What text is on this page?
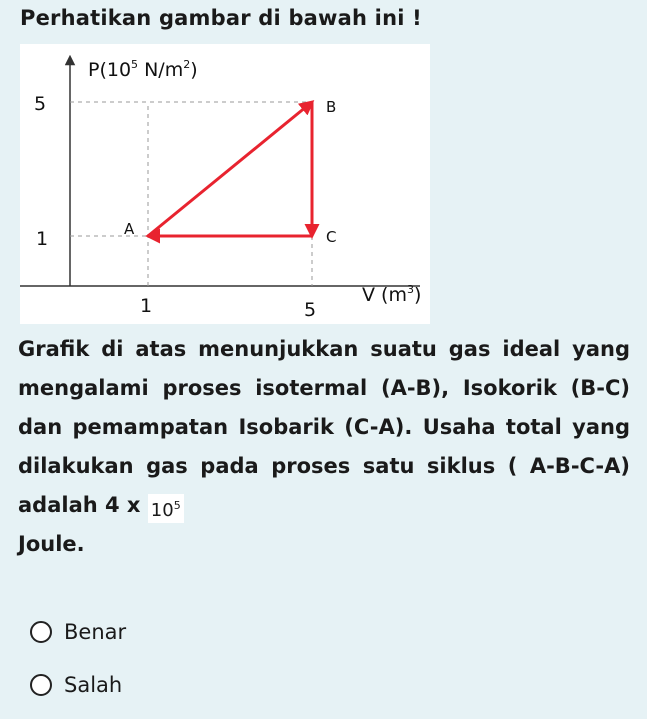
Perhatikan gambar di bawah ini !
$P(10^5$ $N/m^2$)
V $(m^3)$
5
1
1	5
A
B
C
Grafik di atas menunjukkan suatu gas ideal yang mengalami proses isotermal (A-B), Isokorik (B-C) dan pemampatan Isobarik (C-A). Usaha total yang dilakukan gas pada proses satu siklus ( A-B-C-A) adalah 4 x $10^5$
Joule.
Benar
Salah
